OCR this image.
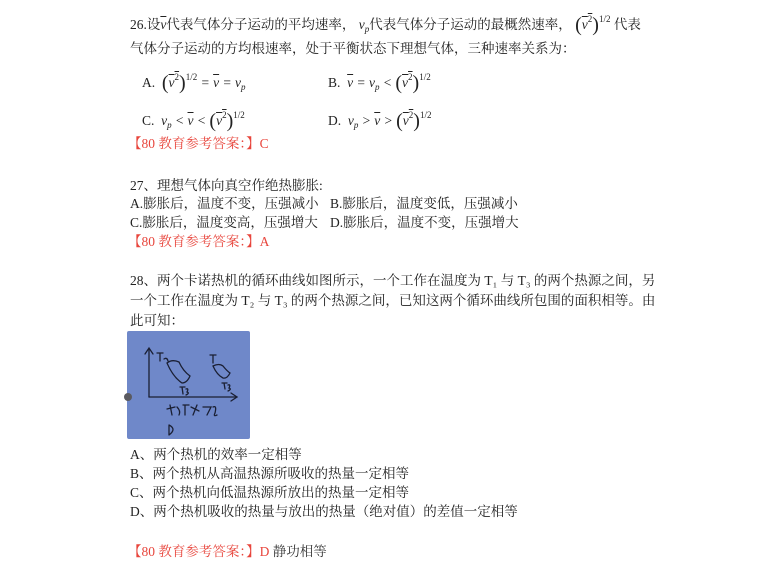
26.设$\overline{v}$代表气体分子运动的平均速率， $v_p$代表气体分子运动的最概然速率， $(v^2)^{1/2}$ 代表
气体分子运动的方均根速率，处于平衡状态下理想气体，三种速率关系为：
A.  $(v^2)^{1/2} = \overline{v} = v_p$	B.  $\overline{v} = v_p < (v^2)^{1/2}$
C.  $v_p < \overline{v} < (v^2)^{1/2}$	D.  $v_p > \overline{v} > (v^2)^{1/2}$
【80 教育参考答案：】C
27、理想气体向真空作绝热膨胀:
A.膨胀后，温度不变，压强减小 B.膨胀后，温度变低，压强减小
C.膨胀后，温度变高，压强增大 D.膨胀后，温度不变，压强增大
【80 教育参考答案：】A
28、两个卡诺热机的循环曲线如图所示，一个工作在温度为 T₁ 与 T₃ 的两个热源之间，另
一个工作在温度为 T₂ 与 T₃ 的两个热源之间，已知这两个循环曲线所包围的面积相等。由
此可知：
A、两个热机的效率一定相等
B、两个热机从高温热源所吸收的热量一定相等
C、两个热机向低温热源所放出的热量一定相等
D、两个热机吸收的热量与放出的热量（绝对值）的差值一定相等
【80 教育参考答案：】D 静功相等
